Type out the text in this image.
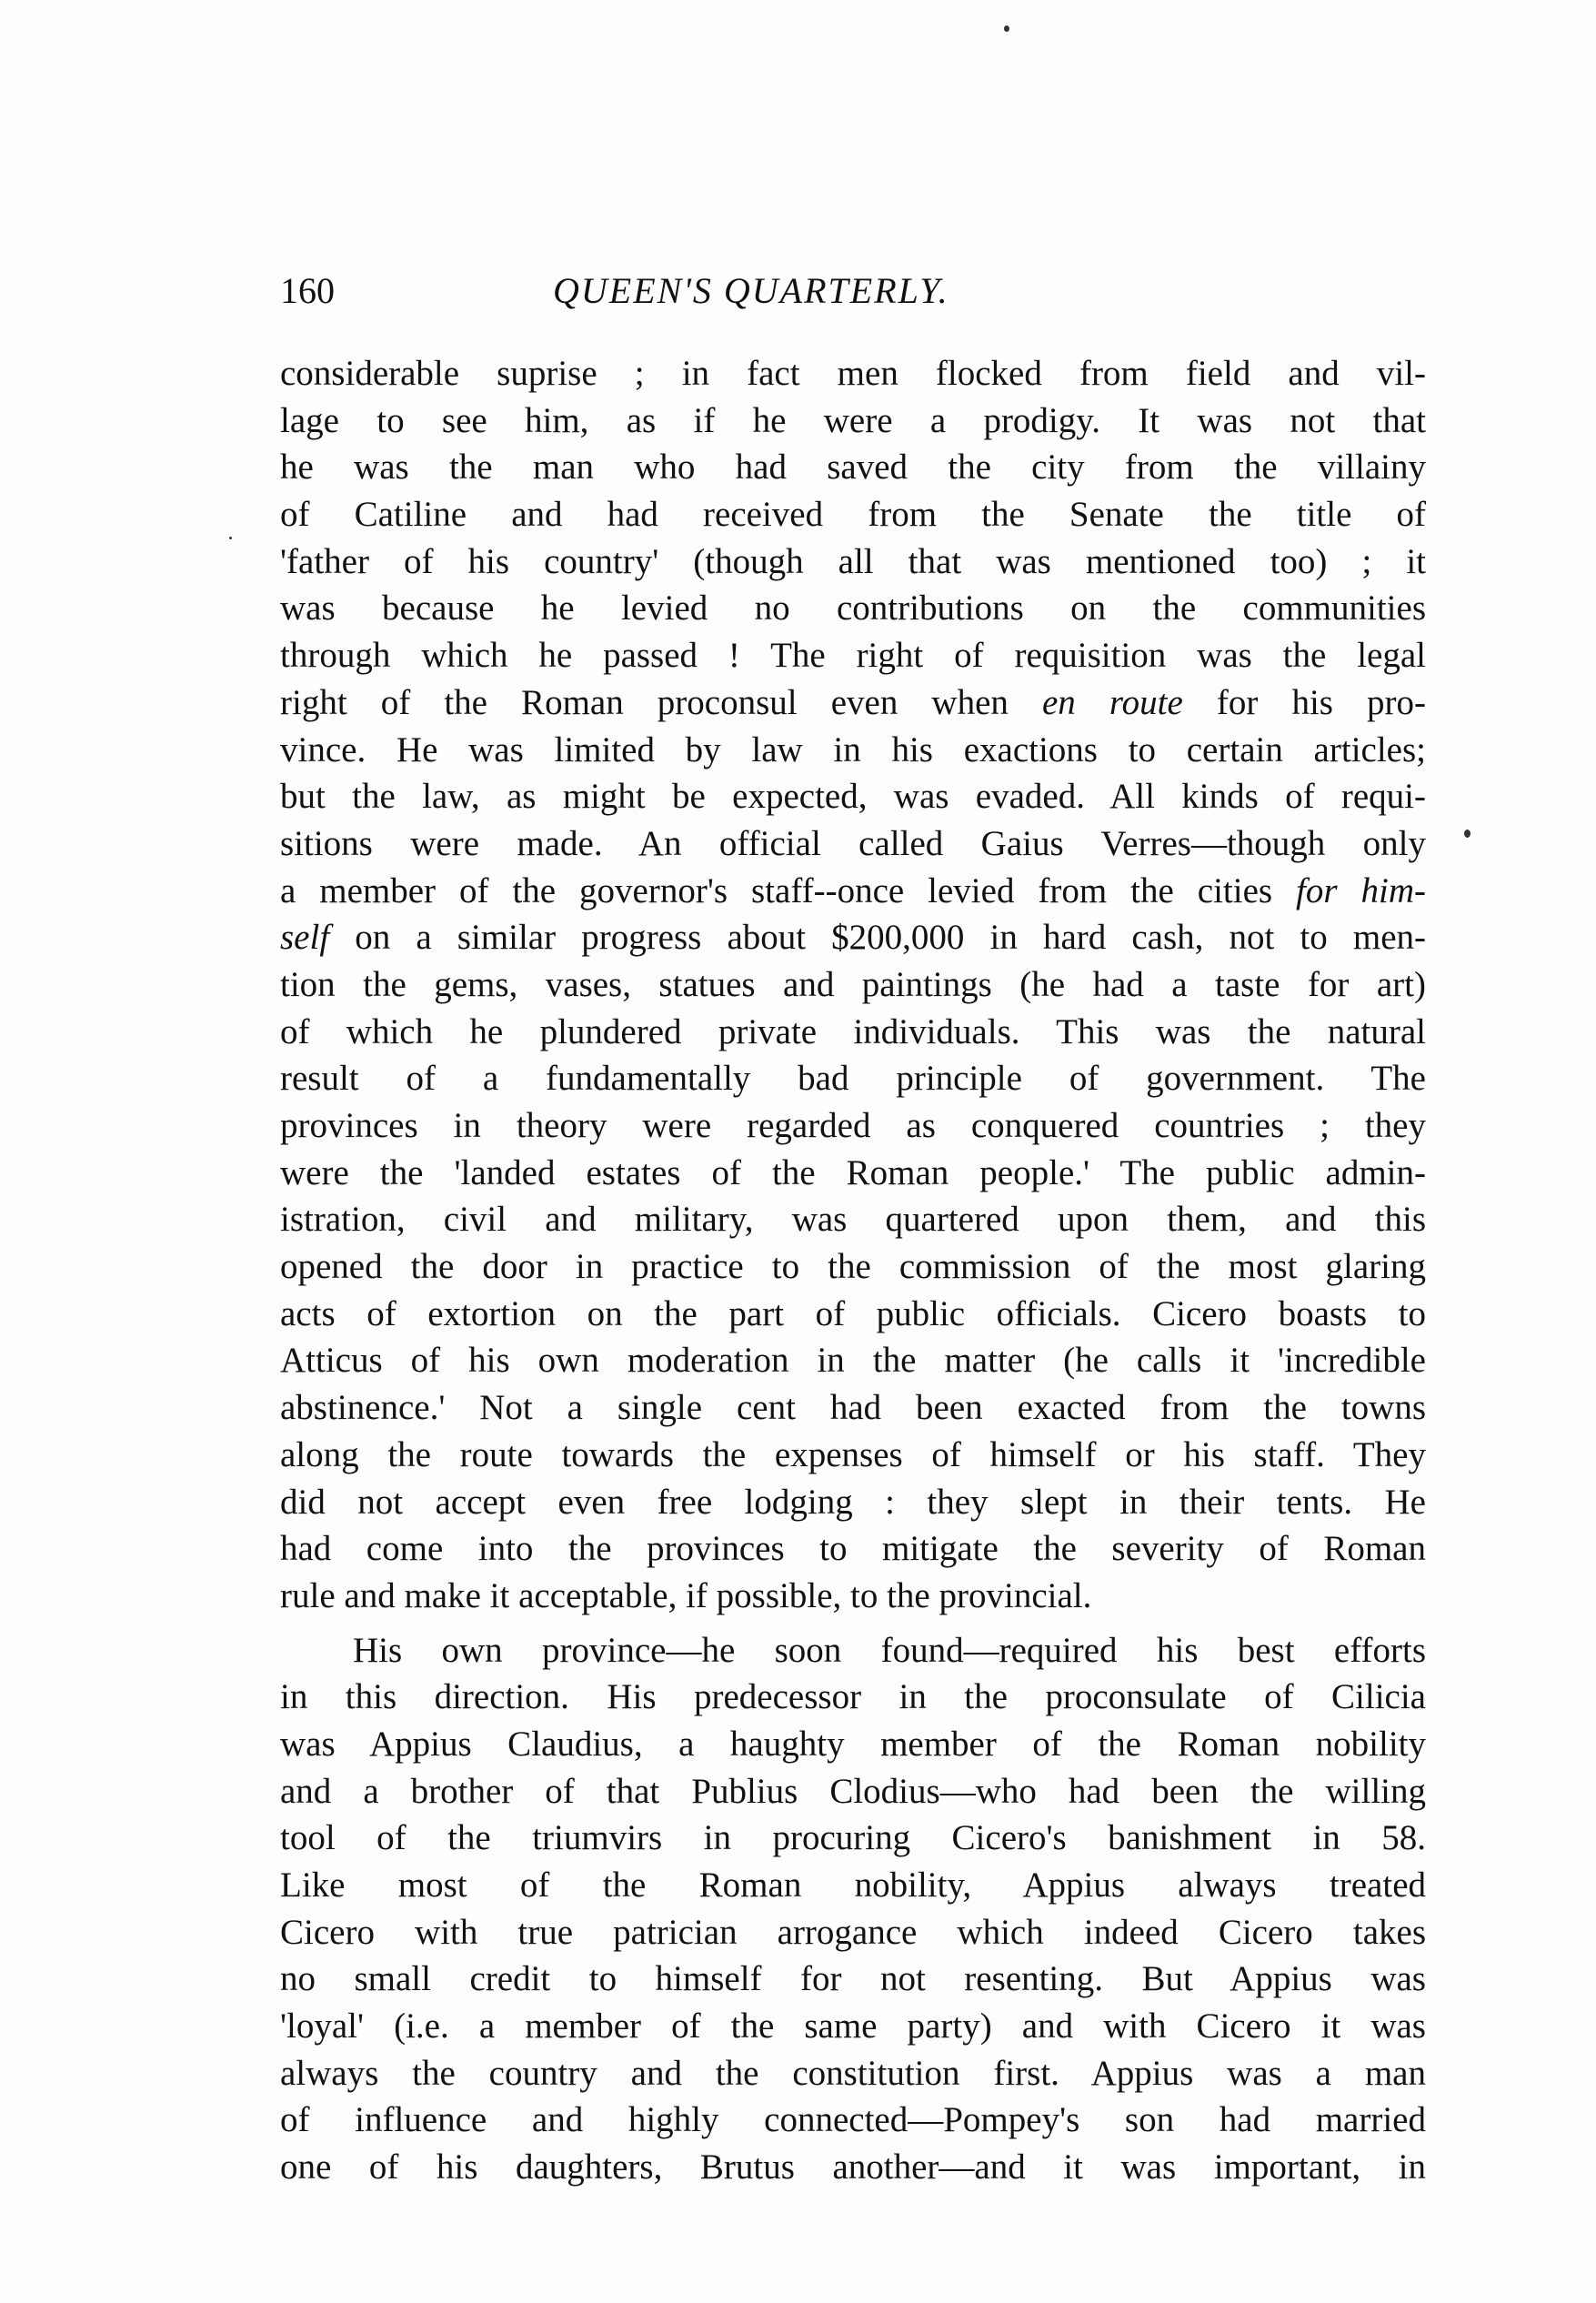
160	QUEEN'S QUARTERLY.
considerable suprise ; in fact men flocked from field and vil-
lage to see him, as if he were a prodigy. It was not that
he was the man who had saved the city from the villainy
of Catiline and had received from the Senate the title of
'father of his country' (though all that was mentioned too) ; it
was because he levied no contributions on the communities
through which he passed ! The right of requisition was the legal
right of the Roman proconsul even when en route for his pro-
vince. He was limited by law in his exactions to certain articles;
but the law, as might be expected, was evaded. All kinds of requi-
sitions were made. An official called Gaius Verres—though only
a member of the governor's staff--once levied from the cities for him-
self on a similar progress about $200,000 in hard cash, not to men-
tion the gems, vases, statues and paintings (he had a taste for art)
of which he plundered private individuals. This was the natural
result of a fundamentally bad principle of government. The
provinces in theory were regarded as conquered countries ; they
were the 'landed estates of the Roman people.' The public admin-
istration, civil and military, was quartered upon them, and this
opened the door in practice to the commission of the most glaring
acts of extortion on the part of public officials. Cicero boasts to
Atticus of his own moderation in the matter (he calls it 'incredible
abstinence.' Not a single cent had been exacted from the towns
along the route towards the expenses of himself or his staff. They
did not accept even free lodging : they slept in their tents. He
had come into the provinces to mitigate the severity of Roman
rule and make it acceptable, if possible, to the provincial.
His own province—he soon found—required his best efforts
in this direction. His predecessor in the proconsulate of Cilicia
was Appius Claudius, a haughty member of the Roman nobility
and a brother of that Publius Clodius—who had been the willing
tool of the triumvirs in procuring Cicero's banishment in 58.
Like most of the Roman nobility, Appius always treated
Cicero with true patrician arrogance which indeed Cicero takes
no small credit to himself for not resenting. But Appius was
'loyal' (i.e. a member of the same party) and with Cicero it was
always the country and the constitution first. Appius was a man
of influence and highly connected—Pompey's son had married
one of his daughters, Brutus another—and it was important, in
